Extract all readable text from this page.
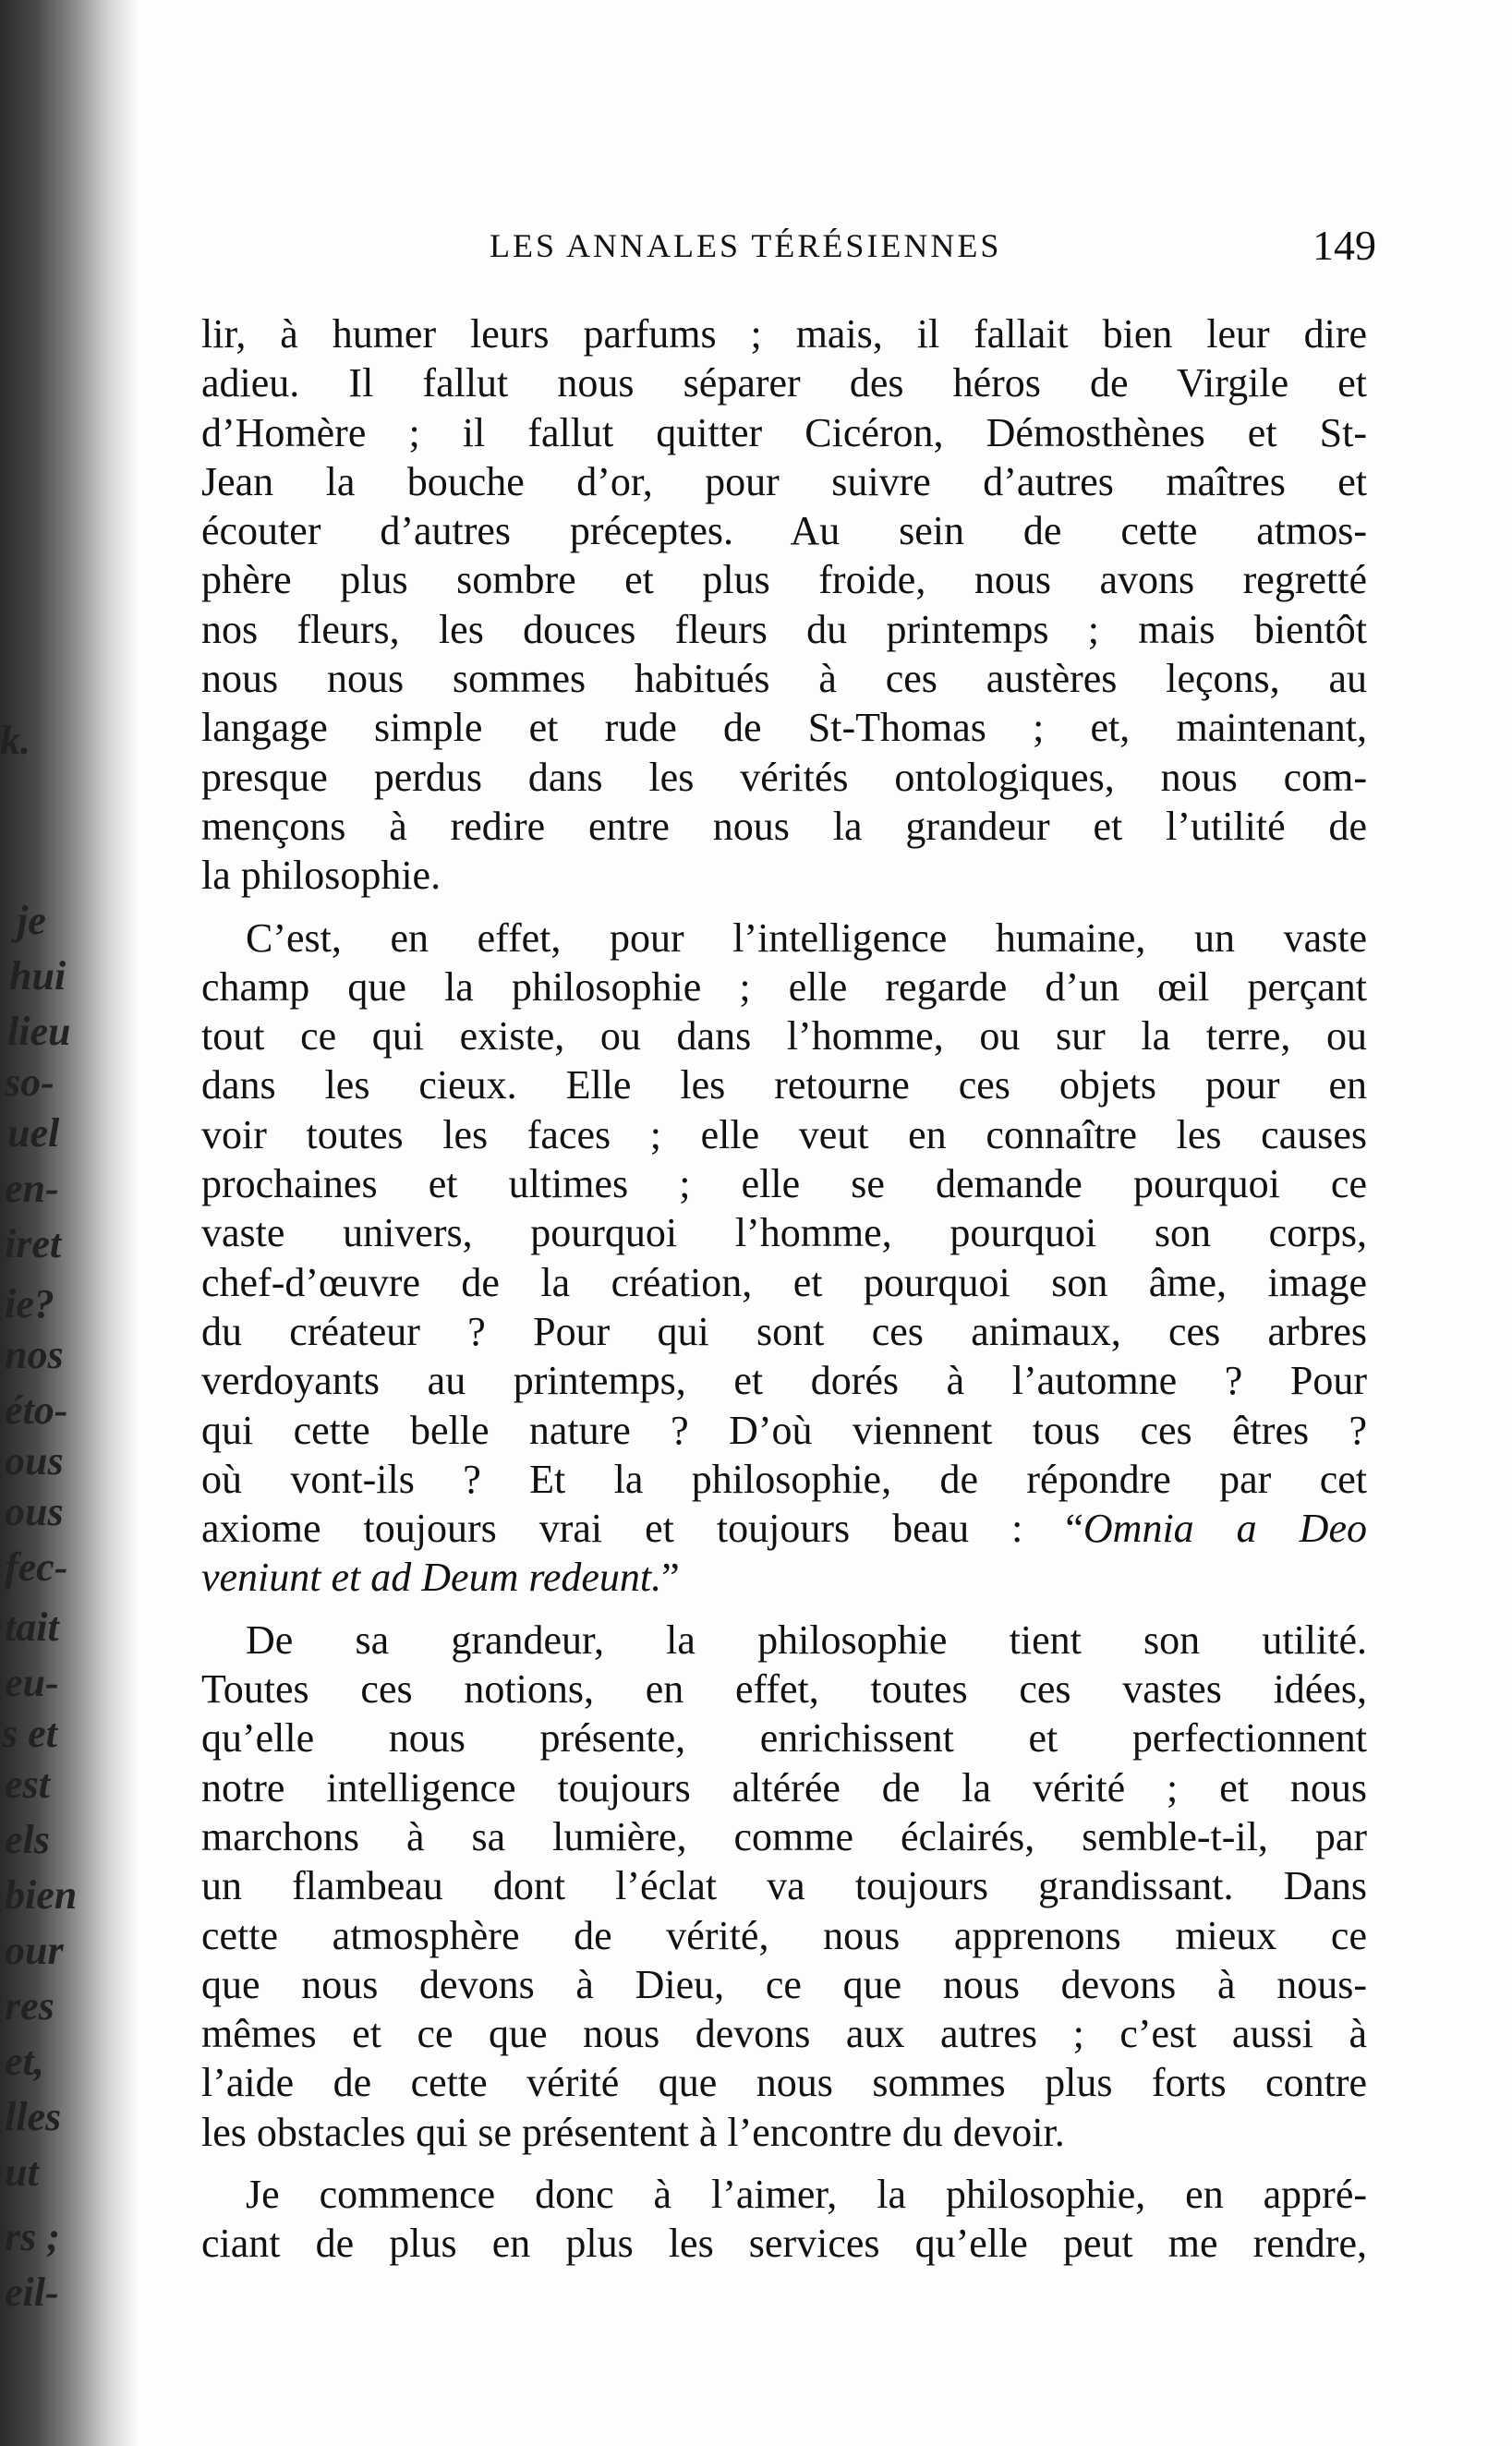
k.
je
hui
lieu
so-
uel
en-
iret
ie?
nos
éto-
ous
ous
fec-
tait
eu-
s et
est
els
bien
our
res
et,
lles
ut
rs ;
eil-
LES ANNALES TÉRÉSIENNES	149
lir, à humer leurs parfums ; mais, il fallait bien leur dire
adieu. Il fallut nous séparer des héros de Virgile et
d’Homère ; il fallut quitter Cicéron, Démosthènes et St-
Jean la bouche d’or, pour suivre d’autres maîtres et
écouter d’autres préceptes. Au sein de cette atmos-
phère plus sombre et plus froide, nous avons regretté
nos fleurs, les douces fleurs du printemps ; mais bientôt
nous nous sommes habitués à ces austères leçons, au
langage simple et rude de St-Thomas ; et, maintenant,
presque perdus dans les vérités ontologiques, nous com-
mençons à redire entre nous la grandeur et l’utilité de
la philosophie.
C’est, en effet, pour l’intelligence humaine, un vaste
champ que la philosophie ; elle regarde d’un œil perçant
tout ce qui existe, ou dans l’homme, ou sur la terre, ou
dans les cieux. Elle les retourne ces objets pour en
voir toutes les faces ; elle veut en connaître les causes
prochaines et ultimes ; elle se demande pourquoi ce
vaste univers, pourquoi l’homme, pourquoi son corps,
chef-d’œuvre de la création, et pourquoi son âme, image
du créateur ? Pour qui sont ces animaux, ces arbres
verdoyants au printemps, et dorés à l’automne ? Pour
qui cette belle nature ? D’où viennent tous ces êtres ?
où vont-ils ? Et la philosophie, de répondre par cet
axiome toujours vrai et toujours beau : “Omnia a Deo
veniunt et ad Deum redeunt.”
De sa grandeur, la philosophie tient son utilité.
Toutes ces notions, en effet, toutes ces vastes idées,
qu’elle nous présente, enrichissent et perfectionnent
notre intelligence toujours altérée de la vérité ; et nous
marchons à sa lumière, comme éclairés, semble-t-il, par
un flambeau dont l’éclat va toujours grandissant. Dans
cette atmosphère de vérité, nous apprenons mieux ce
que nous devons à Dieu, ce que nous devons à nous-
mêmes et ce que nous devons aux autres ; c’est aussi à
l’aide de cette vérité que nous sommes plus forts contre
les obstacles qui se présentent à l’encontre du devoir.
Je commence donc à l’aimer, la philosophie, en appré-
ciant de plus en plus les services qu’elle peut me rendre,
